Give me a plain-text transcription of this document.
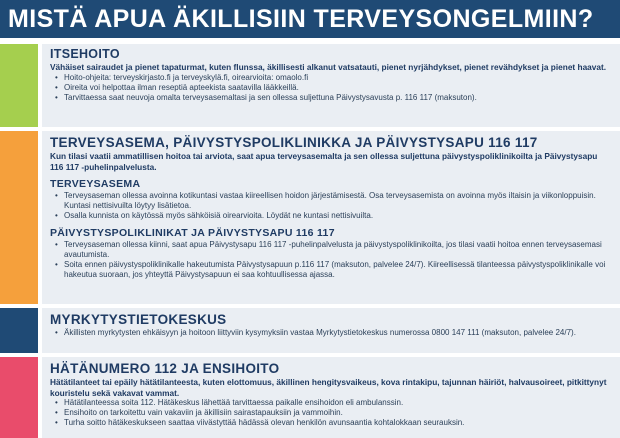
MISTÄ APUA ÄKILLISIIN TERVEYSONGELMIIN?
ITSEHOITO
Vähäiset sairaudet ja pienet tapaturmat, kuten flunssa, äkillisesti alkanut vatsatauti, pienet nyrjähdykset, pienet revähdykset ja pienet haavat.
• Hoito-ohjeita: terveyskirjasto.fi ja terveyskylä.fi, oirearvioita: omaolo.fi
• Oireita voi helpottaa ilman reseptiä apteekista saatavilla lääkkeillä.
• Tarvittaessa saat neuvoja omalta terveysasemaltasi ja sen ollessa suljettuna Päivystysavusta p. 116 117 (maksuton).
TERVEYSASEMA, PÄIVYSTYSPOLIKLINIKKA JA PÄIVYSTYSAPU 116 117
Kun tilasi vaatii ammatillisen hoitoa tai arviota, saat apua terveysasemalta ja sen ollessa suljettuna päivystyspoliklinikoilta ja Päivystysapu 116 117 -puhelinpalvelusta.
TERVEYSASEMA
• Terveysaseman ollessa avoinna kotikuntasi vastaa kiireellisen hoidon järjestämisestä. Osa terveysasemista on avoinna myös iltaisin ja viikonloppuisin. Kuntasi nettisivuilta löytyy lisätietoa.
• Osalla kunnista on käytössä myös sähköisiä oirearvioita. Löydät ne kuntasi nettisivuilta.
PÄIVYSTYSPOLIKLINIKAT JA PÄIVYSTYSAPU 116 117
• Terveysaseman ollessa kiinni, saat apua Päivystysapu 116 117 -puhelinpalvelusta ja päivystyspoliklinikoilta, jos tilasi vaatii hoitoa ennen terveysasemasi avautumista.
• Soita ennen päivystyspoliklinikalle hakeutumista Päivystysapuun p.116 117 (maksuton, palvelee 24/7). Kiireellisessä tilanteessa päivystyspoliklinikalle voi hakeutua suoraan, jos yhteyttä Päivystysapuun ei saa kohtuullisessa ajassa.
MYRKYTYSTIETOKESKUS
• Äkillisten myrkytysten ehkäisyyn ja hoitoon liittyviin kysymyksiin vastaa Myrkytystietokeskus numerossa 0800 147 111 (maksuton, palvelee 24/7).
HÄTÄNUMERO 112 JA ENSIHOITO
Hätätilanteet tai epäily hätätilanteesta, kuten elottomuus, äkillinen hengitysvaikeus, kova rintakipu, tajunnan häiriöt, halvausoireet, pitkittynyt kouristelu sekä vakavat vammat.
• Hätätilanteessa soita 112. Hätäkeskus lähettää tarvittaessa paikalle ensihoidon eli ambulanssin.
• Ensihoito on tarkoitettu vain vakaviin ja äkillisiin sairastapauksiin ja vammoihin.
• Turha soitto hätäkeskukseen saattaa viivästyttää hädässä olevan henkilön avunsaantia kohtalokkaan seurauksin.
